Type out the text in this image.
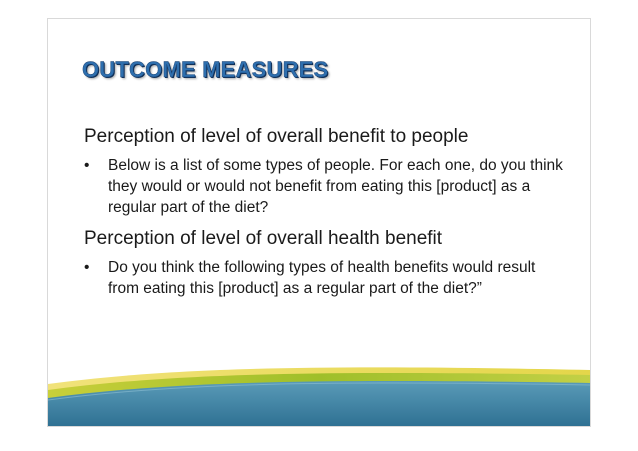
OUTCOME MEASURES
Perception of level of overall benefit to people
•	Below is a list of some types of people. For each one, do you think they would or would not benefit from eating this [product] as a regular part of the diet?
Perception of level of overall health benefit
•	Do you think the following types of health benefits would result from eating this [product] as a regular part of the diet?”
